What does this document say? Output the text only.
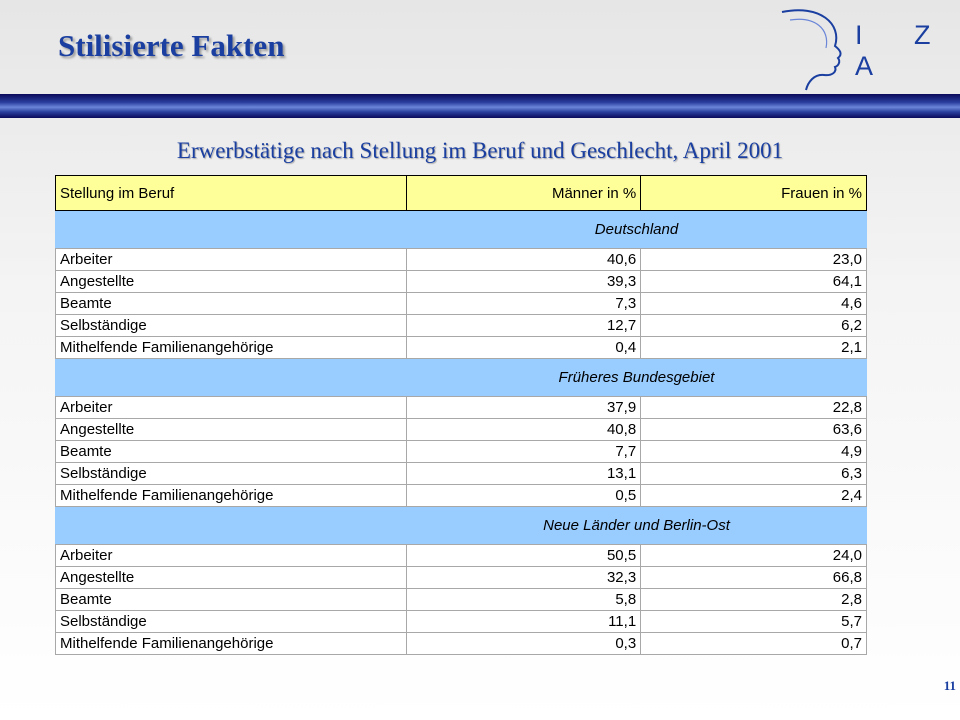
Stilisierte Fakten	I Z A
Erwerbstätige nach Stellung im Beruf und Geschlecht, April 2001
Stellung im Beruf	Männer in %	Frauen in %
	Deutschland	
Arbeiter	40,6	23,0
Angestellte	39,3	64,1
Beamte	7,3	4,6
Selbständige	12,7	6,2
Mithelfende Familienangehörige	0,4	2,1
	Früheres Bundesgebiet	
Arbeiter	37,9	22,8
Angestellte	40,8	63,6
Beamte	7,7	4,9
Selbständige	13,1	6,3
Mithelfende Familienangehörige	0,5	2,4
	Neue Länder und Berlin-Ost	
Arbeiter	50,5	24,0
Angestellte	32,3	66,8
Beamte	5,8	2,8
Selbständige	11,1	5,7
Mithelfende Familienangehörige	0,3	0,7
11
